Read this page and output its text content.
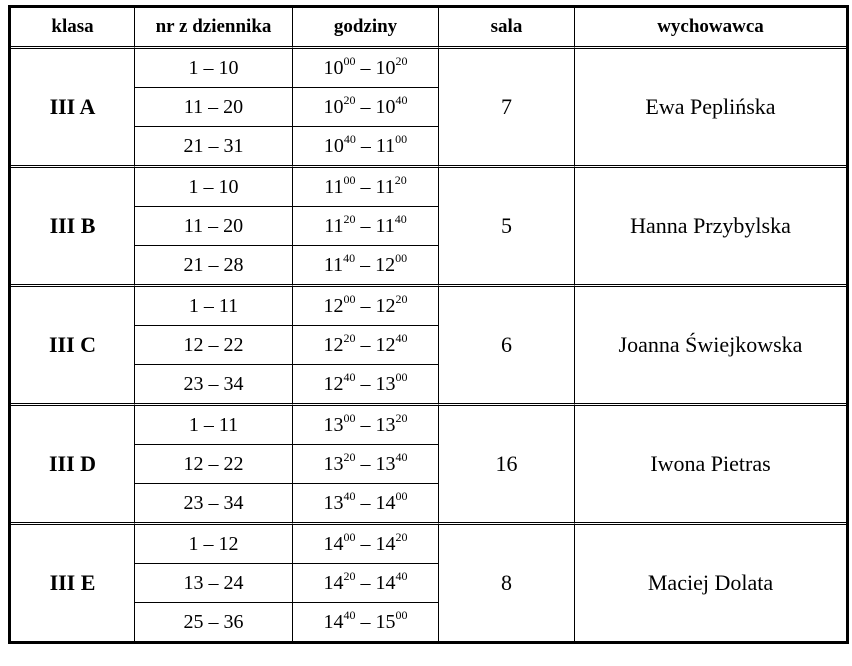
klasa	nr z dziennika	godziny	sala	wychowawca
III A	1 – 10	$10^{00} - 10^{20}$	7	Ewa Peplińska
	11 – 20	$10^{20} - 10^{40}$
	21 – 31	$10^{40} - 11^{00}$
III B	1 – 10	$11^{00} - 11^{20}$	5	Hanna Przybylska
	11 – 20	$11^{20} - 11^{40}$
	21 – 28	$11^{40} - 12^{00}$
III C	1 – 11	$12^{00} - 12^{20}$	6	Joanna Świejkowska
	12 – 22	$12^{20} - 12^{40}$
	23 – 34	$12^{40} - 13^{00}$
III D	1 – 11	$13^{00} - 13^{20}$	16	Iwona Pietras
	12 – 22	$13^{20} - 13^{40}$
	23 – 34	$13^{40} - 14^{00}$
III E	1 – 12	$14^{00} - 14^{20}$	8	Maciej Dolata
	13 – 24	$14^{20} - 14^{40}$
	25 – 36	$14^{40} - 15^{00}$
